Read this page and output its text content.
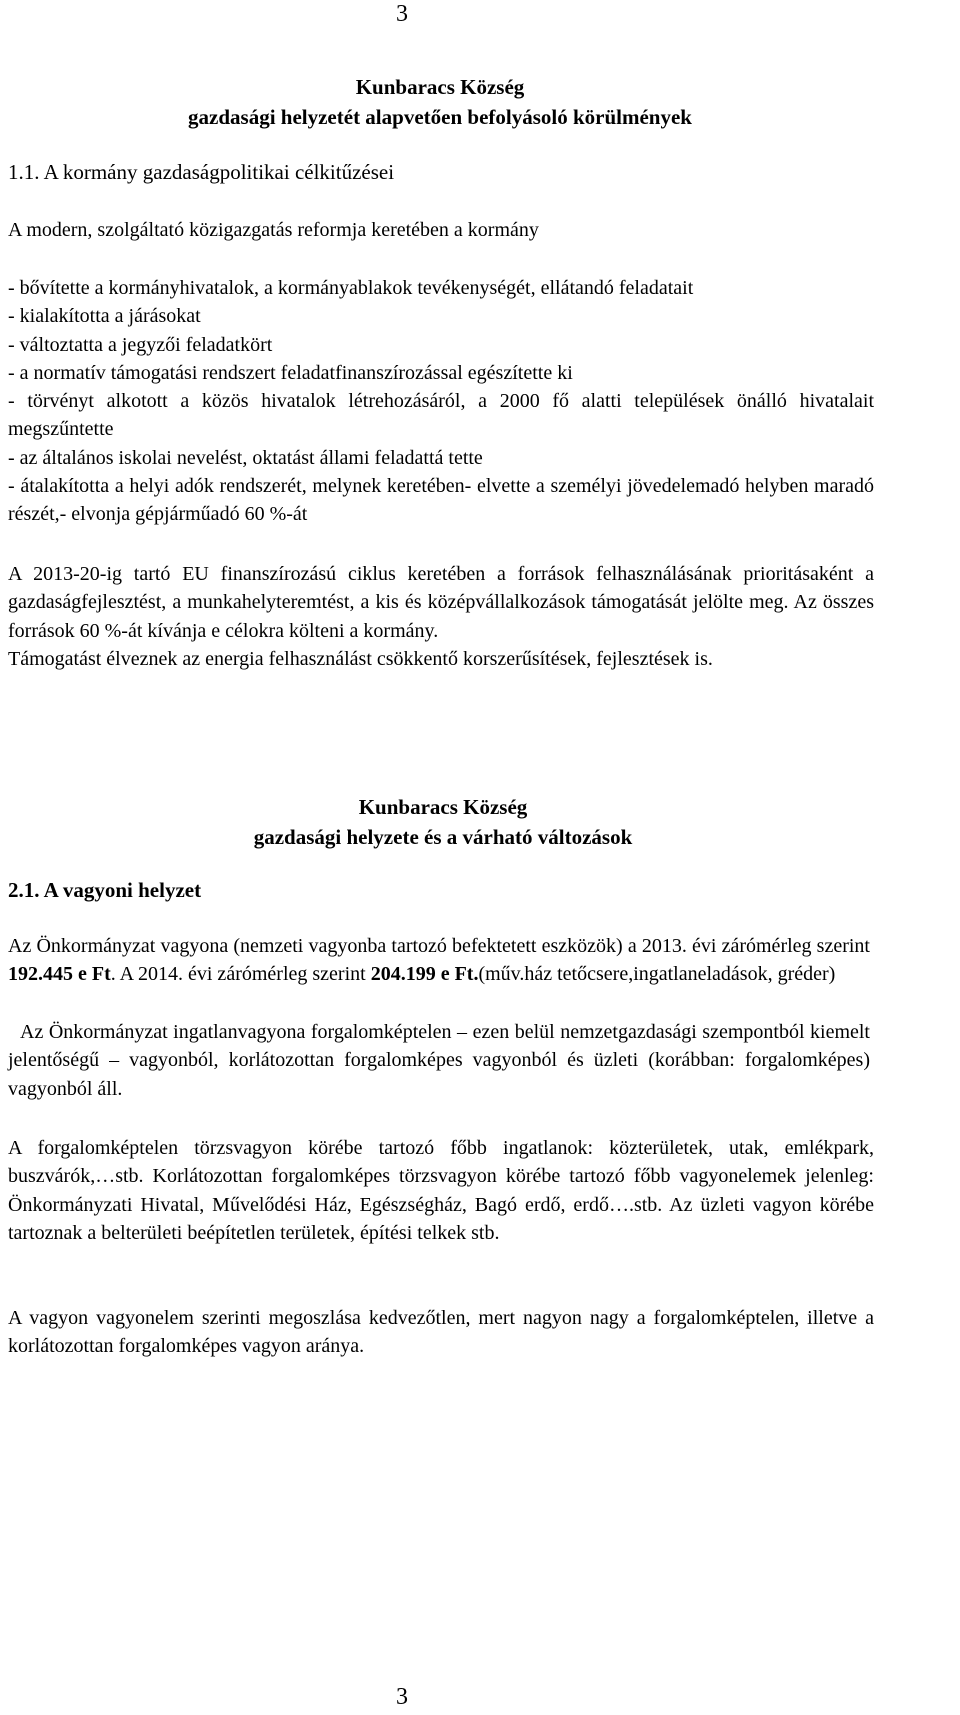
3
Kunbaracs Község
gazdasági helyzetét alapvetően befolyásoló körülmények
1.1. A kormány gazdaságpolitikai célkitűzései
A modern, szolgáltató közigazgatás reformja keretében a kormány

- bővítette a kormányhivatalok, a kormányablakok tevékenységét, ellátandó feladatait

- kialakította a járásokat

- változtatta a jegyzői feladatkört

- a normatív támogatási rendszert feladatfinanszírozással egészítette ki

- törvényt alkotott a közös hivatalok létrehozásáról, a 2000 fő alatti települések önálló hivatalait megszűntette

- az általános iskolai nevelést, oktatást állami feladattá tette

- átalakította a helyi adók rendszerét, melynek keretében- elvette a személyi jövedelemadó helyben maradó részét,- elvonja gépjárműadó 60 %-át

A 2013-20-ig tartó EU finanszírozású ciklus keretében a források felhasználásának prioritásaként a gazdaságfejlesztést, a munkahelyteremtést, a kis és középvállalkozások támogatását jelölte meg. Az összes források 60 %-át kívánja e célokra költeni a kormány.

Támogatást élveznek az energia felhasználást csökkentő korszerűsítések, fejlesztések is.

Kunbaracs Község
gazdasági helyzete és a várható változások
2.1. A vagyoni helyzet
Az Önkormányzat vagyona (nemzeti vagyonba tartozó befektetett eszközök) a 2013. évi zárómérleg szerint 192.445 e Ft. A 2014. évi zárómérleg szerint 204.199 e Ft.(műv.ház tetőcsere,ingatlaneladások, gréder)
Az Önkormányzat ingatlanvagyona forgalomképtelen – ezen belül nemzetgazdasági szempontból kiemelt jelentőségű – vagyonból, korlátozottan forgalomképes vagyonból és üzleti (korábban: forgalomképes) vagyonból áll.
A forgalomképtelen törzsvagyon körébe tartozó főbb ingatlanok: közterületek, utak, emlékpark, buszvárók,…stb. Korlátozottan forgalomképes törzsvagyon körébe tartozó főbb vagyonelemek jelenleg: Önkormányzati Hivatal, Művelődési Ház, Egészségház, Bagó erdő, erdő….stb. Az üzleti vagyon körébe tartoznak a belterületi beépítetlen területek, építési telkek stb.
A vagyon vagyonelem szerinti megoszlása kedvezőtlen, mert nagyon nagy a forgalomképtelen, illetve a korlátozottan forgalomképes vagyon aránya.
3
